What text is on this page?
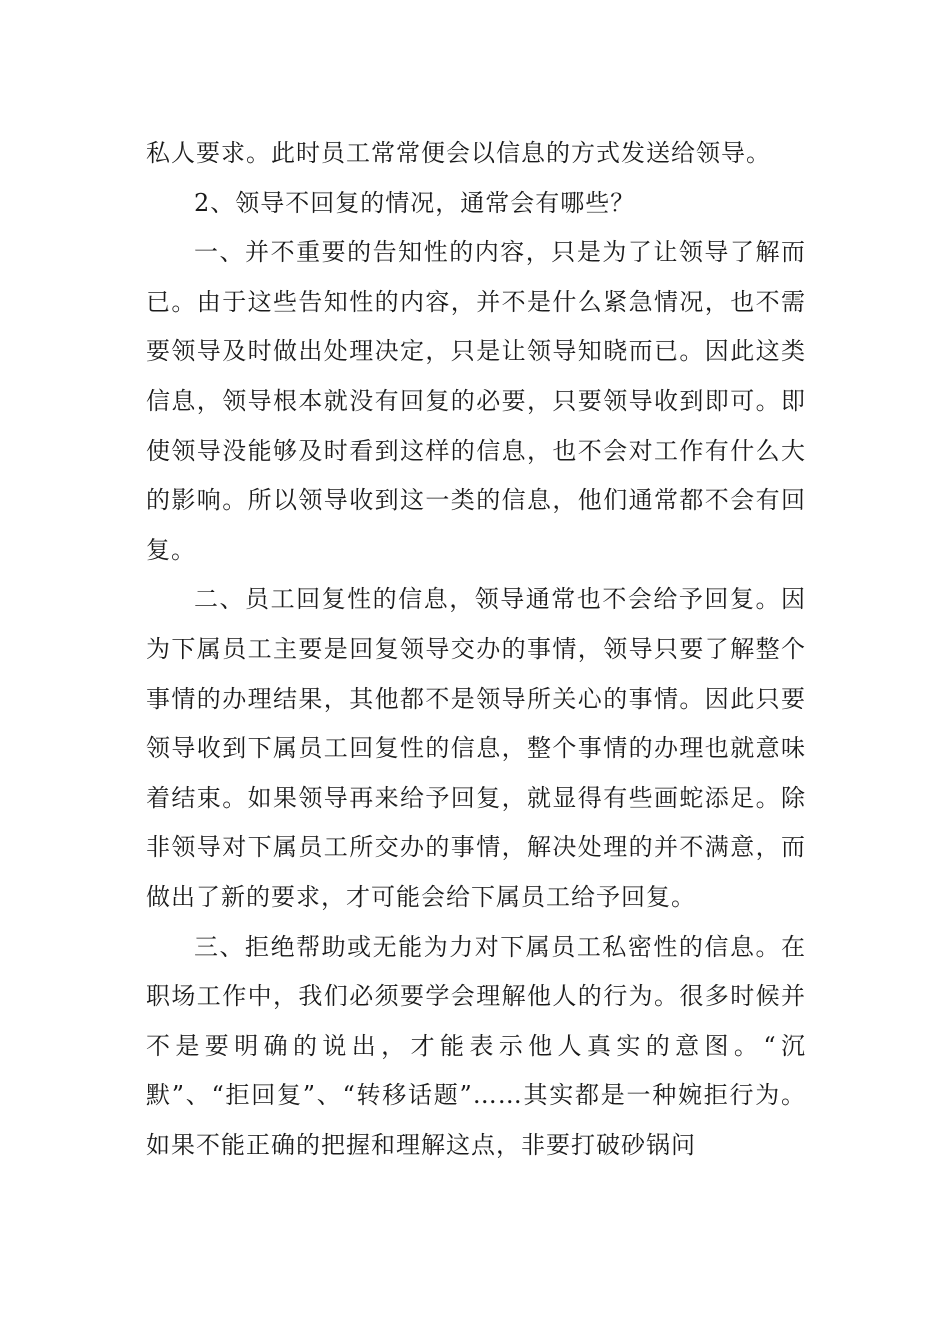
私人要求。此时员工常常便会以信息的方式发送给领导。

2、领导不回复的情况，通常会有哪些？

一、并不重要的告知性的内容，只是为了让领导了解而已。由于这些告知性的内容，并不是什么紧急情况，也不需要领导及时做出处理决定，只是让领导知晓而已。因此这类信息，领导根本就没有回复的必要，只要领导收到即可。即使领导没能够及时看到这样的信息，也不会对工作有什么大的影响。所以领导收到这一类的信息，他们通常都不会有回复。

二、员工回复性的信息，领导通常也不会给予回复。因为下属员工主要是回复领导交办的事情，领导只要了解整个事情的办理结果，其他都不是领导所关心的事情。因此只要领导收到下属员工回复性的信息，整个事情的办理也就意味着结束。如果领导再来给予回复，就显得有些画蛇添足。除非领导对下属员工所交办的事情，解决处理的并不满意，而做出了新的要求，才可能会给下属员工给予回复。

三、拒绝帮助或无能为力对下属员工私密性的信息。在职场工作中，我们必须要学会理解他人的行为。很多时候并不是要明确的说出，才能表示他人真实的意图。“沉默”、“拒回复”、“转移话题”……其实都是一种婉拒行为。如果不能正确的把握和理解这点，非要打破砂锅问
